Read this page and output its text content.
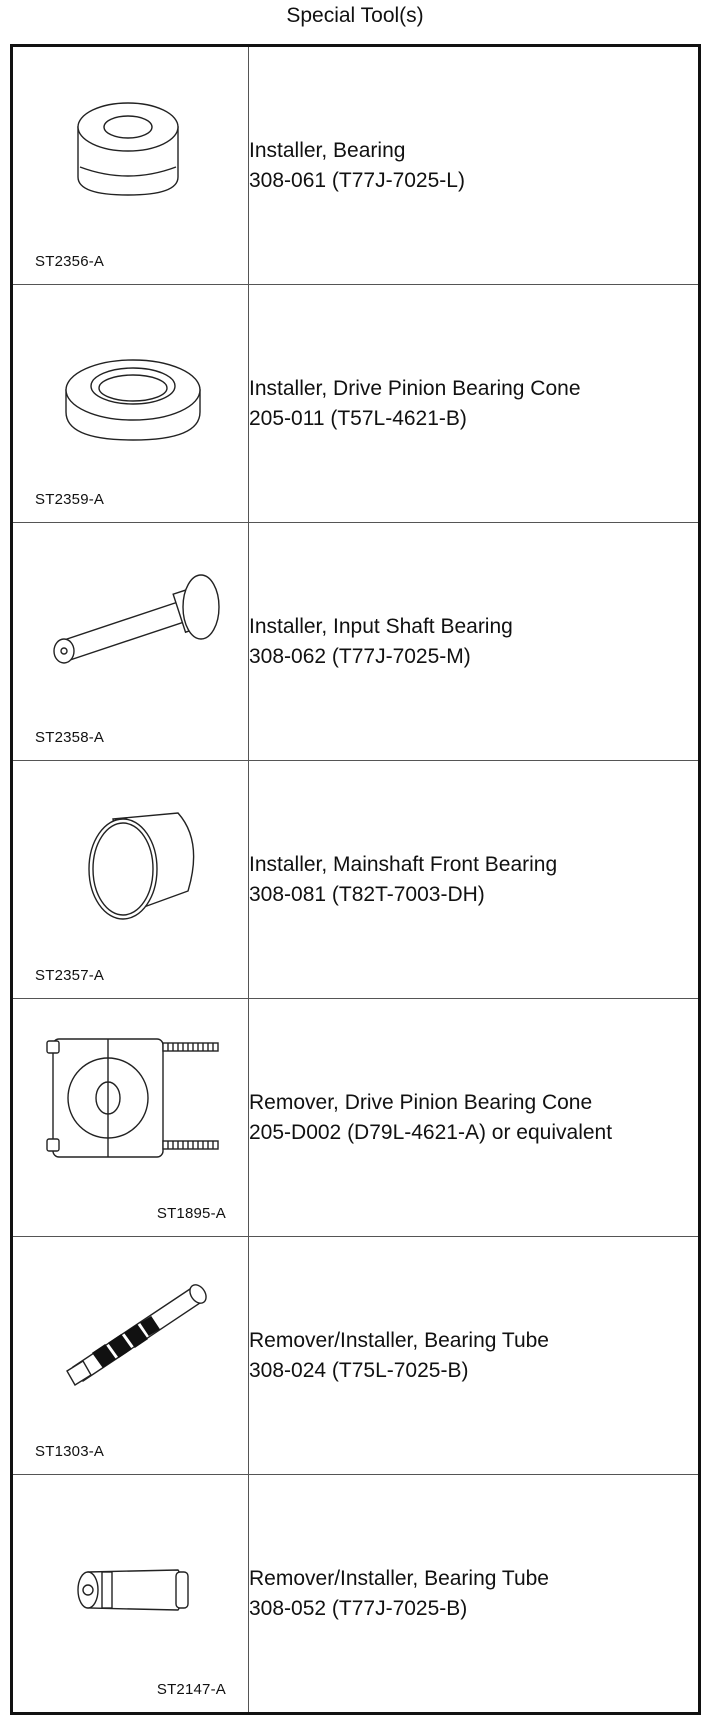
Special Tool(s)
ST2356-A	Installer, Bearing
308-061 (T77J-7025-L)

ST2359-A	Installer, Drive Pinion Bearing Cone
205-011 (T57L-4621-B)

ST2358-A	Installer, Input Shaft Bearing
308-062 (T77J-7025-M)

ST2357-A	Installer, Mainshaft Front Bearing
308-081 (T82T-7003-DH)

ST1895-A	Remover, Drive Pinion Bearing Cone
205-D002 (D79L-4621-A) or equivalent

ST1303-A	Remover/Installer, Bearing Tube
308-024 (T75L-7025-B)

ST2147-A	Remover/Installer, Bearing Tube
308-052 (T77J-7025-B)
